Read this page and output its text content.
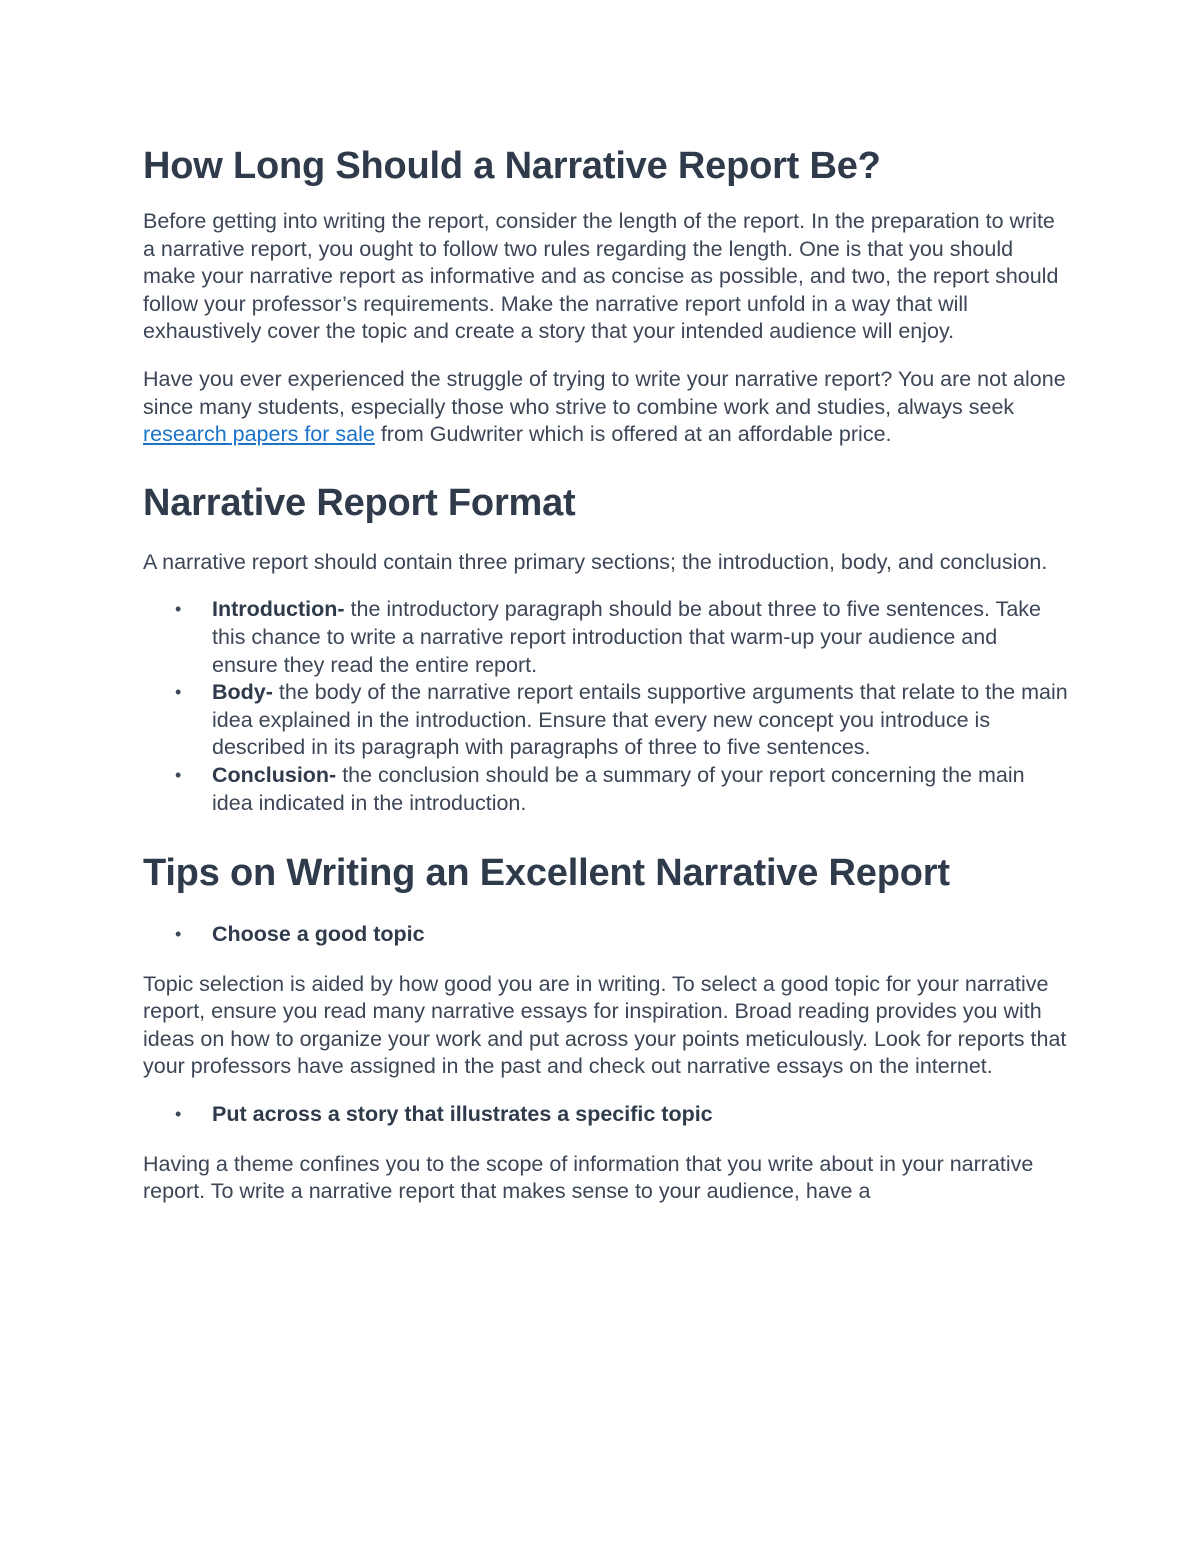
How Long Should a Narrative Report Be?

Before getting into writing the report, consider the length of the report. In the preparation to write a narrative report, you ought to follow two rules regarding the length. One is that you should make your narrative report as informative and as concise as possible, and two, the report should follow your professor’s requirements. Make the narrative report unfold in a way that will exhaustively cover the topic and create a story that your intended audience will enjoy.

Have you ever experienced the struggle of trying to write your narrative report? You are not alone since many students, especially those who strive to combine work and studies, always seek research papers for sale from Gudwriter which is offered at an affordable price.

Narrative Report Format

A narrative report should contain three primary sections; the introduction, body, and conclusion.

• Introduction- the introductory paragraph should be about three to five sentences. Take this chance to write a narrative report introduction that warm-up your audience and ensure they read the entire report.
• Body- the body of the narrative report entails supportive arguments that relate to the main idea explained in the introduction. Ensure that every new concept you introduce is described in its paragraph with paragraphs of three to five sentences.
• Conclusion- the conclusion should be a summary of your report concerning the main idea indicated in the introduction.
Tips on Writing an Excellent Narrative Report
• Choose a good topic

Topic selection is aided by how good you are in writing. To select a good topic for your narrative report, ensure you read many narrative essays for inspiration. Broad reading provides you with ideas on how to organize your work and put across your points meticulously. Look for reports that your professors have assigned in the past and check out narrative essays on the internet.

• Put across a story that illustrates a specific topic

Having a theme confines you to the scope of information that you write about in your narrative report. To write a narrative report that makes sense to your audience, have a
